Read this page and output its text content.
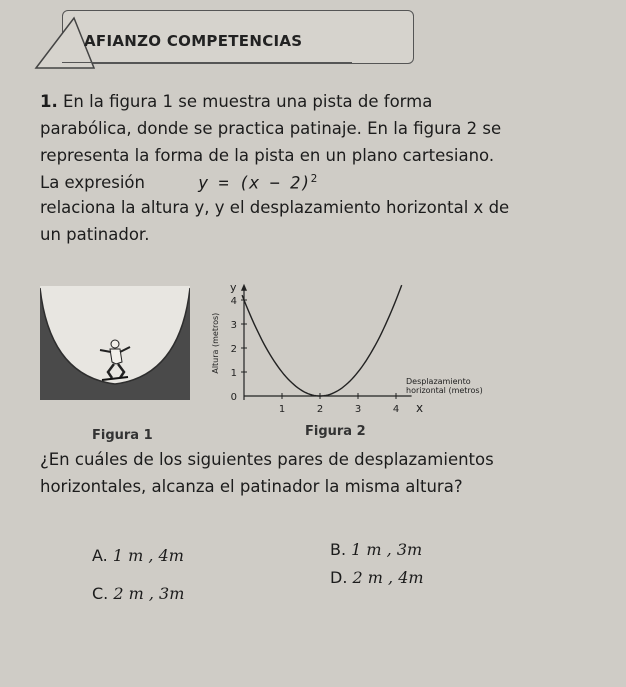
AFIANZO COMPETENCIAS
1. En la figura 1 se muestra una pista de forma parabólica, donde se practica patinaje. En la figura 2 se representa la forma de la pista en un plano cartesiano. La expresión	$y = (x - 2)^2$
relaciona la altura y, y el desplazamiento horizontal x de un patinador.
Figura 1
1	2	3	4
0
1
2
3
4
y
x
Altura (metros)
Desplazamiento
horizontal (metros)
Figura 2
¿En cuáles de los siguientes pares de desplazamientos horizontales, alcanza el patinador la misma altura?
A. 1 m , 4m	B. 1 m , 3m
C. 2 m , 3m
D. 2 m , 4m
